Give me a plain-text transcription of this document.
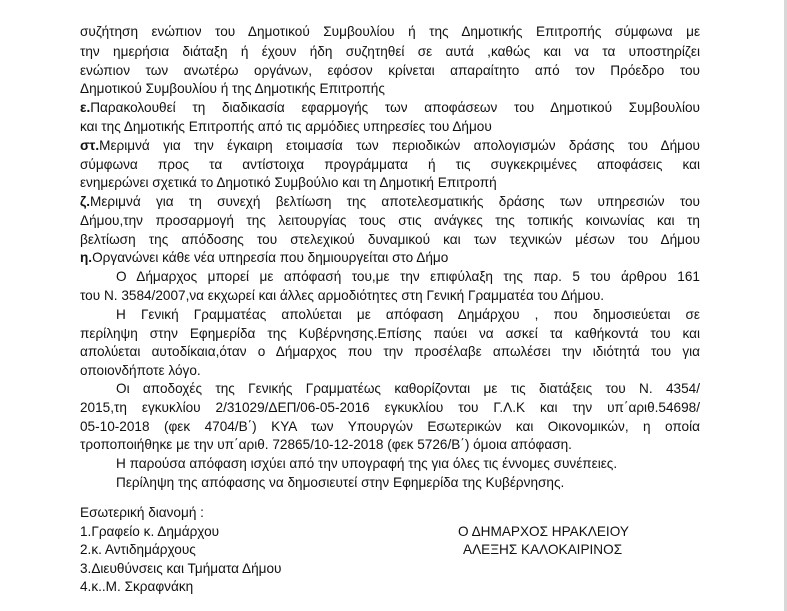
συζήτηση ενώπιον του Δημοτικού Συμβουλίου ή της Δημοτικής Επιτροπής σύμφωνα με
την ημερήσια διάταξη ή έχουν ήδη συζητηθεί σε αυτά ,καθώς και να τα υποστηρίζει
ενώπιον των ανωτέρω οργάνων, εφόσον κρίνεται απαραίτητο από τον Πρόεδρο του
Δημοτικού Συμβουλίου ή της Δημοτικής Επιτροπής
ε.Παρακολουθεί τη διαδικασία εφαρμογής των αποφάσεων του Δημοτικού Συμβουλίου
και της Δημοτικής Επιτροπής από τις αρμόδιες υπηρεσίες του Δήμου
στ.Μεριμνά για την έγκαιρη ετοιμασία των περιοδικών απολογισμών δράσης του Δήμου
σύμφωνα προς τα αντίστοιχα προγράμματα ή τις συγκεκριμένες αποφάσεις και
ενημερώνει σχετικά το Δημοτικό Συμβούλιο και τη Δημοτική Επιτροπή
ζ.Μεριμνά για τη συνεχή βελτίωση της αποτελεσματικής δράσης των υπηρεσιών του
Δήμου,την προσαρμογή της λειτουργίας τους στις ανάγκες της τοπικής κοινωνίας και τη
βελτίωση της απόδοσης του στελεχικού δυναμικού και των τεχνικών μέσων του Δήμου
η.Οργανώνει κάθε νέα υπηρεσία που δημιουργείται στο Δήμο
Ο Δήμαρχος μπορεί με απόφασή του,με την επιφύλαξη της παρ. 5 του άρθρου 161
του Ν. 3584/2007,να εκχωρεί και άλλες αρμοδιότητες στη Γενική Γραμματέα του Δήμου.
Η Γενική Γραμματέας απολύεται με απόφαση Δημάρχου , που δημοσιεύεται σε
περίληψη στην Εφημερίδα της Κυβέρνησης.Επίσης παύει να ασκεί τα καθήκοντά του και
απολύεται αυτοδίκαια,όταν ο Δήμαρχος που την προσέλαβε απωλέσει την ιδιότητά του για
οποιονδήποτε λόγο.
Οι αποδοχές της Γενικής Γραμματέως καθορίζονται με τις διατάξεις του Ν. 4354/
2015,τη εγκυκλίου 2/31029/ΔΕΠ/06-05-2016 εγκυκλίου του Γ.Λ.Κ και την υπ΄αριθ.54698/
05-10-2018 (φεκ 4704/Β΄) ΚΥΑ των Υπουργών Εσωτερικών και Οικονομικών, η οποία
τροποποιήθηκε με την υπ΄αριθ. 72865/10-12-2018 (φεκ 5726/Β΄) όμοια απόφαση.
Η παρούσα απόφαση ισχύει από την υπογραφή της για όλες τις έννομες συνέπειες.
Περίληψη της απόφασης να δημοσιευτεί στην Εφημερίδα της Κυβέρνησης.
Εσωτερική διανομή :
1.Γραφείο κ. Δημάρχου
2.κ. Αντιδημάρχους
3.Διευθύνσεις και Τμήματα Δήμου
4.κ..Μ. Σκραφνάκη
Ο ΔΗΜΑΡΧΟΣ ΗΡΑΚΛΕΙΟΥ
ΑΛΕΞΗΣ ΚΑΛΟΚΑΙΡΙΝΟΣ
